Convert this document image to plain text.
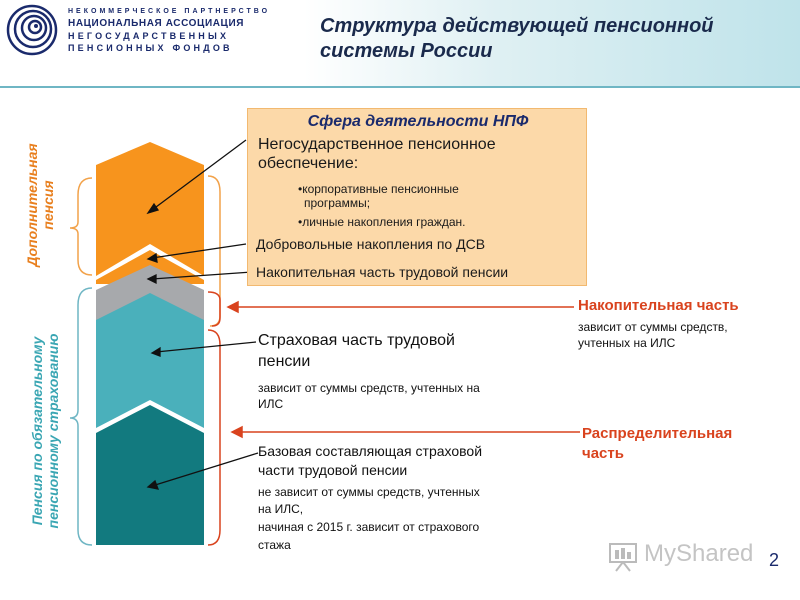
НЕКОММЕРЧЕСКОЕ ПАРТНЕРСТВО
НАЦИОНАЛЬНАЯ АССОЦИАЦИЯ
НЕГОСУДАРСТВЕННЫХ
ПЕНСИОННЫХ ФОНДОВ
Структура действующей пенсионной
системы России
Дополнительная пенсия
Пенсия по обязательному пенсионному страхованию
Сфера деятельности НПФ
Негосударственное пенсионное
обеспечение:
•корпоративные пенсионные
программы;
•личные накопления граждан.
Добровольные накопления по ДСВ
Накопительная часть трудовой пенсии
Страховая часть трудовой
пенсии
зависит от суммы средств, учтенных на
ИЛС
Базовая составляющая страховой
части трудовой пенсии
не зависит от суммы средств, учтенных
на ИЛС,
начиная с 2015 г. зависит от страхового
стажа
Накопительная часть
зависит от суммы средств,
учтенных на ИЛС
Распределительная
часть
MyShared 2
